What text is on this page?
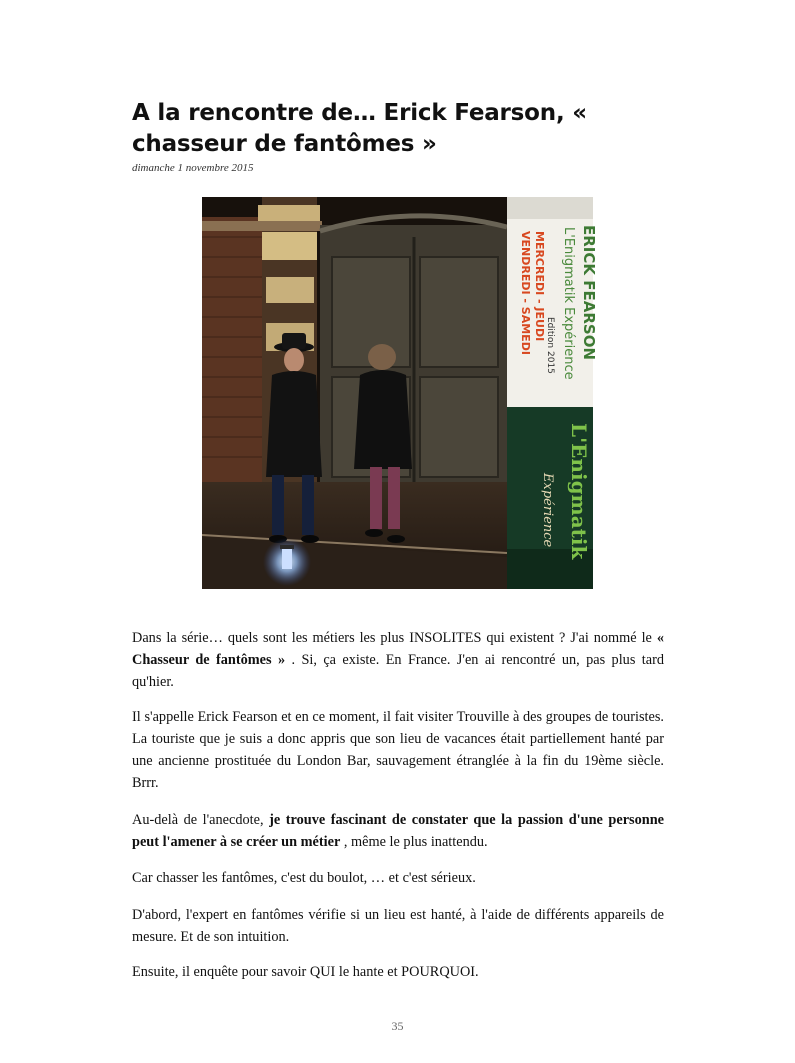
A la rencontre de… Erick Fearson, « chasseur de fantômes »
dimanche 1 novembre 2015
ERICK FEARSON
L'Enigmatik Expérience
Edition 2015
MERCREDI - JEUDI
VENDREDI - SAMEDI
L'Enigmatik
Expérience

Dans la série… quels sont les métiers les plus INSOLITES qui existent ? J'ai nommé le « Chasseur de fantômes » . Si, ça existe. En France. J'en ai rencontré un, pas plus tard qu'hier.

Il s'appelle Erick Fearson et en ce moment, il fait visiter Trouville à des groupes de touristes. La touriste que je suis a donc appris que son lieu de vacances était partiellement hanté par une ancienne prostituée du London Bar, sauvagement étranglée à la fin du 19ème siècle. Brrr.

Au-delà de l'anecdote, je trouve fascinant de constater que la passion d'une personne peut l'amener à se créer un métier , même le plus inattendu.

Car chasser les fantômes, c'est du boulot, … et c'est sérieux.

D'abord, l'expert en fantômes vérifie si un lieu est hanté, à l'aide de différents appareils de mesure. Et de son intuition.

Ensuite, il enquête pour savoir QUI le hante et POURQUOI.

35
